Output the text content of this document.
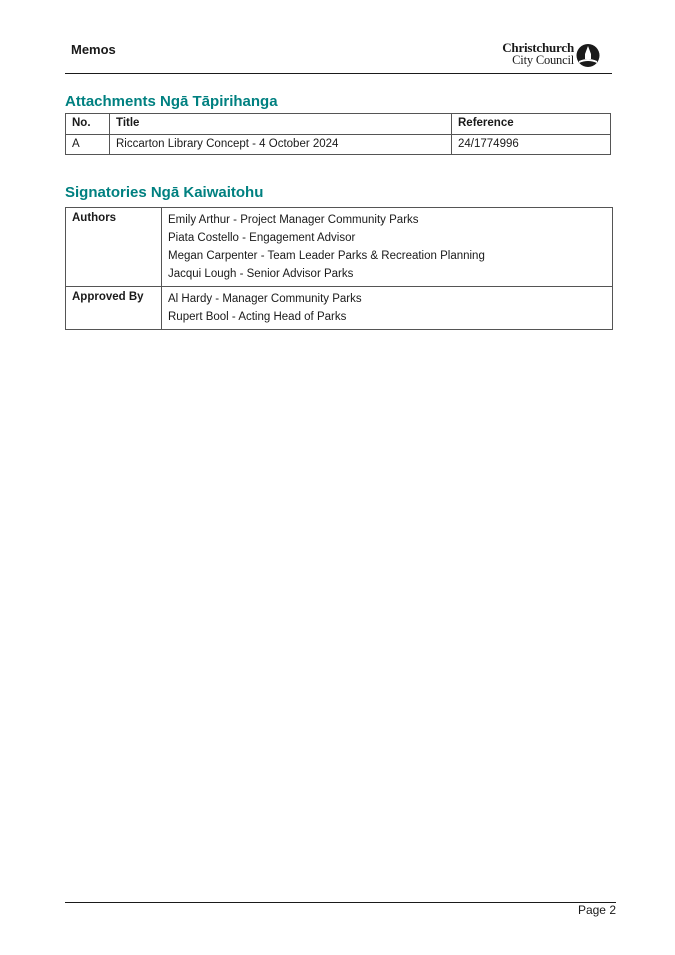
Memos	Christchurch
City Council
Attachments Ngā Tāpirihanga
No.	Title	Reference
A	Riccarton Library Concept - 4 October 2024	24/1774996
Signatories Ngā Kaiwaitohu
Authors	Emily Arthur - Project Manager Community Parks
Piata Costello - Engagement Advisor
Megan Carpenter - Team Leader Parks & Recreation Planning
Jacqui Lough - Senior Advisor Parks

Approved By	Al Hardy - Manager Community Parks
Rupert Bool - Acting Head of Parks
Page 2
